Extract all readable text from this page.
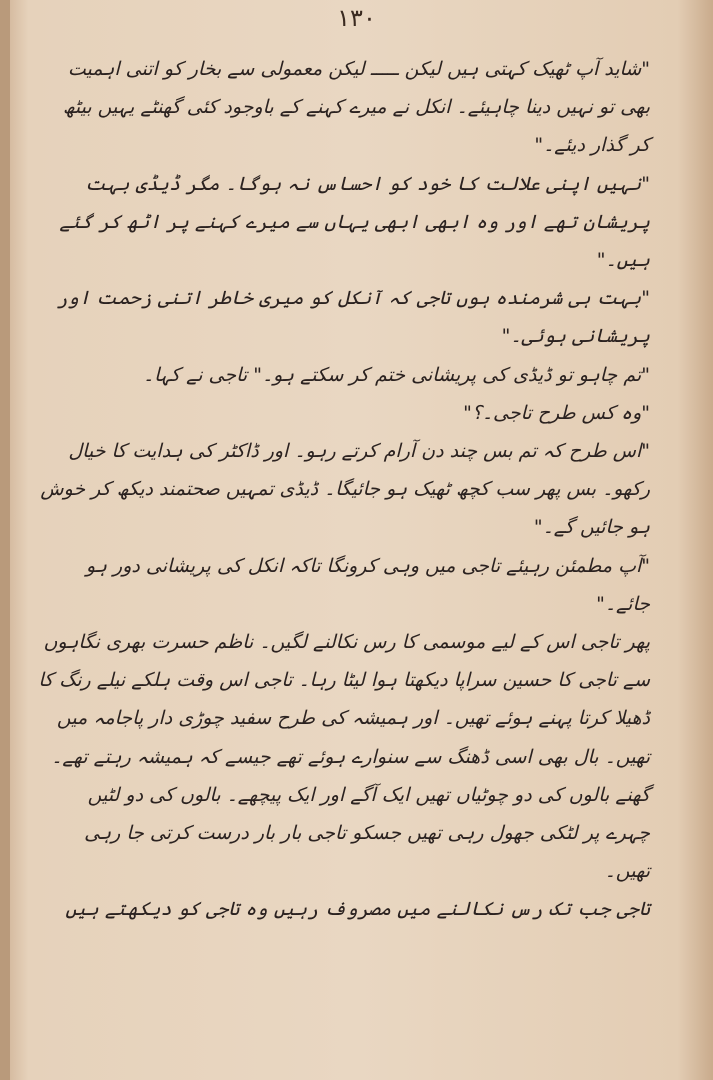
۱۳۰

"شاید آپ ٹھیک کہتی ہیں لیکن ـــــ لیکن معمولی سے بخار کو اتنی اہمیت بھی تو نہیں دینا چاہیئے۔ انکل نے میرے کہنے کے باوجود کئی گھنٹے یہیں بیٹھ کر گذار دیئے۔"

"نہیں اپنی علالت کا خود کو احساس نہ ہوگا۔ مگر ڈیڈی بہت پریشان تھے اور وہ ابھی ابھی یہاں سے میرے کہنے پر اٹھ کر گئے ہیں۔"

"بہت ہی شرمندہ ہوں تاجی کہ آنکل کو میری خاطر اتنی زحمت اور پریشانی ہوئی۔"

"تم چاہو تو ڈیڈی کی پریشانی ختم کر سکتے ہو۔" تاجی نے کہا۔

"وہ کس طرح تاجی۔؟"

"اس طرح کہ تم بس چند دن آرام کرتے رہو۔ اور ڈاکٹر کی ہدایت کا خیال رکھو۔ بس پھر سب کچھ ٹھیک ہو جائیگا۔ ڈیڈی تمہیں صحتمند دیکھ کر خوش ہو جائیں گے۔"

"آپ مطمئن رہیئے تاجی میں وہی کرونگا تاکہ انکل کی پریشانی دور ہو جائے۔"

پھر تاجی اس کے لیے موسمی کا رس نکالنے لگیں۔ ناظم حسرت بھری نگاہوں سے تاجی کا حسین سراپا دیکھتا ہوا لیٹا رہا۔ تاجی اس وقت ہلکے نیلے رنگ کا ڈھیلا کرتا پہنے ہوئے تھیں۔ اور ہمیشہ کی طرح سفید چوڑی دار پاجامہ میں تھیں۔ بال بھی اسی ڈھنگ سے سنوارے ہوئے تھے جیسے کہ ہمیشہ رہتے تھے۔ گھنے بالوں کی دو چوٹیاں تھیں ایک آگے اور ایک پیچھے۔ بالوں کی دو لٹیں چہرے پر لٹکی جھول رہی تھیں جسکو تاجی بار بار درست کرتی جا رہی تھیں۔

تاجی جب تک رس نکالنے میں مصروف رہیں وہ تاجی کو دیکھتے ہیں
